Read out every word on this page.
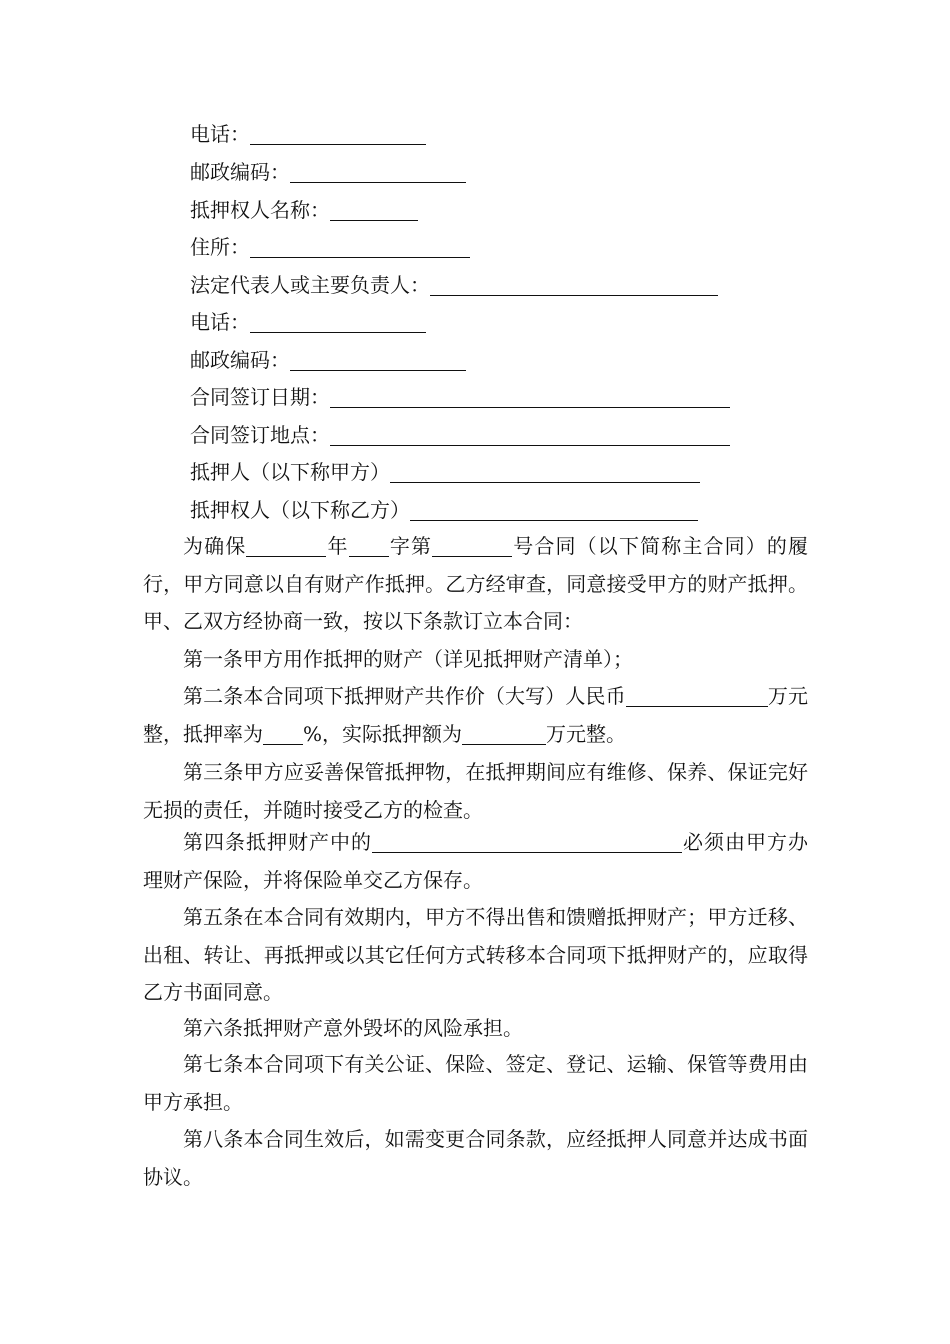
电话：
邮政编码：
抵押权人名称：
住所：
法定代表人或主要负责人：
电话：
邮政编码：
合同签订日期：
合同签订地点：
抵押人（以下称甲方）
抵押权人（以下称乙方）
为确保	年 字第	号合同（以下简称主合同）的履行，甲方同意以自有财产作抵押。乙方经审查，同意接受甲方的财产抵押。甲、乙双方经协商一致，按以下条款订立本合同：
第一条甲方用作抵押的财产（详见抵押财产清单）；
第二条本合同项下抵押财产共作价（大写）人民币	万元整，抵押率为 %，实际抵押额为	万元整。
第三条甲方应妥善保管抵押物，在抵押期间应有维修、保养、保证完好无损的责任，并随时接受乙方的检查。
第四条抵押财产中的	必须由甲方办理财产保险，并将保险单交乙方保存。
第五条在本合同有效期内，甲方不得出售和馈赠抵押财产；甲方迁移、出租、转让、再抵押或以其它任何方式转移本合同项下抵押财产的，应取得乙方书面同意。
第六条抵押财产意外毁坏的风险承担。
第七条本合同项下有关公证、保险、签定、登记、运输、保管等费用由甲方承担。
第八条本合同生效后，如需变更合同条款，应经抵押人同意并达成书面协议。
